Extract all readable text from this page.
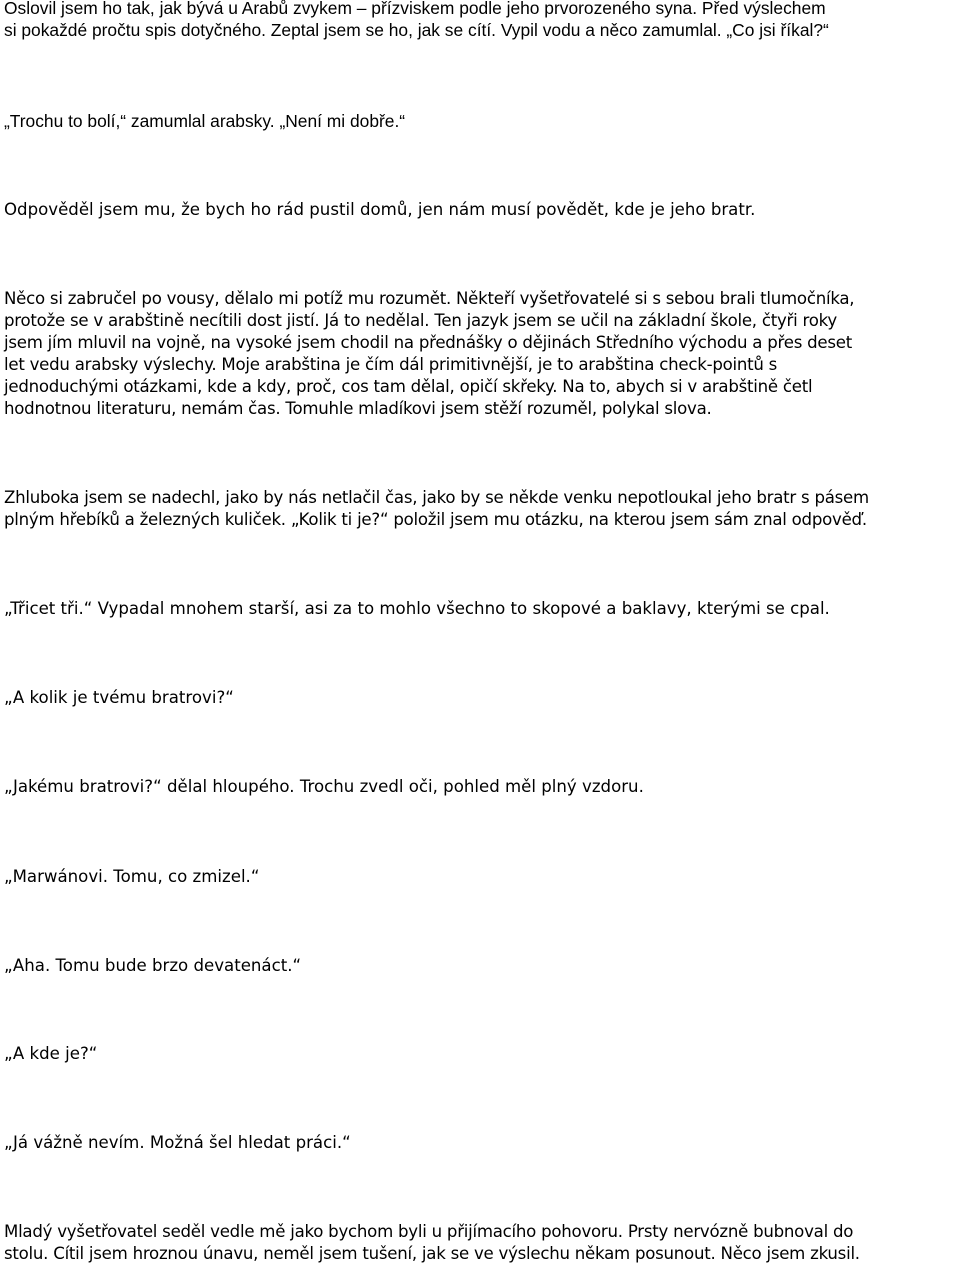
Oslovil jsem ho tak, jak bývá u Arabů zvykem – přízviskem podle jeho prvorozeného syna. Před výslechem
si pokaždé pročtu spis dotyčného. Zeptal jsem se ho, jak se cítí. Vypil vodu a něco zamumlal. „Co jsi říkal?“

„Trochu to bolí,“ zamumlal arabsky. „Není mi dobře.“

Odpověděl jsem mu, že bych ho rád pustil domů, jen nám musí povědět, kde je jeho bratr.

Něco si zabručel po vousy, dělalo mi potíž mu rozumět. Někteří vyšetřovatelé si s sebou brali tlumočníka,
protože se v arabštině necítili dost jistí. Já to nedělal. Ten jazyk jsem se učil na základní škole, čtyři roky
jsem jím mluvil na vojně, na vysoké jsem chodil na přednášky o dějinách Středního východu a přes deset
let vedu arabsky výslechy. Moje arabština je čím dál primitivnější, je to arabština check-pointů s
jednoduchými otázkami, kde a kdy, proč, cos tam dělal, opičí skřeky. Na to, abych si v arabštině četl
hodnotnou literaturu, nemám čas. Tomuhle mladíkovi jsem stěží rozuměl, polykal slova.

Zhluboka jsem se nadechl, jako by nás netlačil čas, jako by se někde venku nepotloukal jeho bratr s pásem
plným hřebíků a železných kuliček. „Kolik ti je?“ položil jsem mu otázku, na kterou jsem sám znal odpověď.

„Třicet tři.“ Vypadal mnohem starší, asi za to mohlo všechno to skopové a baklavy, kterými se cpal.

„A kolik je tvému bratrovi?“

„Jakému bratrovi?“ dělal hloupého. Trochu zvedl oči, pohled měl plný vzdoru.

„Marwánovi. Tomu, co zmizel.“

„Aha. Tomu bude brzo devatenáct.“

„A kde je?“

„Já vážně nevím. Možná šel hledat práci.“

Mladý vyšetřovatel seděl vedle mě jako bychom byli u přijímacího pohovoru. Prsty nervózně bubnoval do
stolu. Cítil jsem hroznou únavu, neměl jsem tušení, jak se ve výslechu někam posunout. Něco jsem zkusil.
